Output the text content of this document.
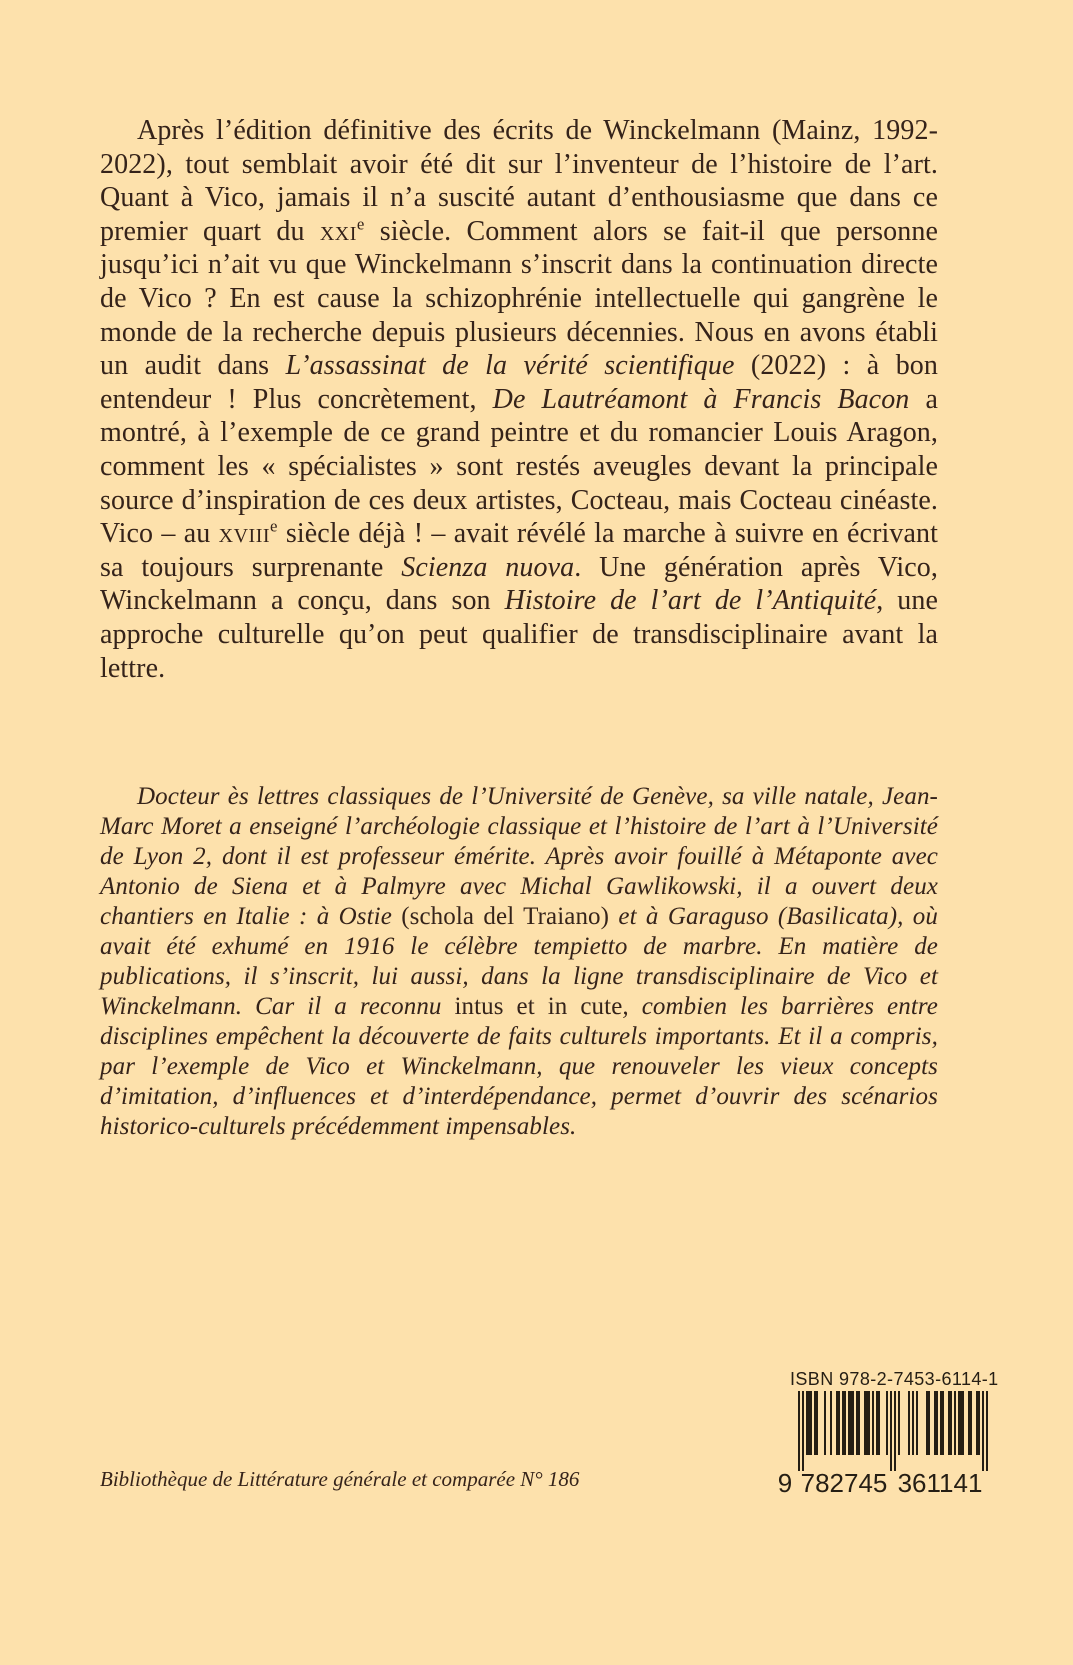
Après l’édition définitive des écrits de Winckelmann (Mainz, 1992-2022), tout semblait avoir été dit sur l’inventeur de l’histoire de l’art. Quant à Vico, jamais il n’a suscité autant d’enthousiasme que dans ce premier quart du xxi$^e$ siècle. Comment alors se fait-il que personne jusqu’ici n’ait vu que Winckelmann s’inscrit dans la continuation directe de Vico ? En est cause la schizophrénie intellectuelle qui gangrène le monde de la recherche depuis plusieurs décennies. Nous en avons établi un audit dans L’assassinat de la vérité scientifique (2022) : à bon entendeur ! Plus concrètement, De Lautréamont à Francis Bacon a montré, à l’exemple de ce grand peintre et du romancier Louis Aragon, comment les « spécialistes » sont restés aveugles devant la principale source d’inspiration de ces deux artistes, Cocteau, mais Cocteau cinéaste. Vico – au xviii$^e$ siècle déjà ! – avait révélé la marche à suivre en écrivant sa toujours surprenante Scienza nuova. Une génération après Vico, Winckelmann a conçu, dans son Histoire de l’art de l’Antiquité, une approche culturelle qu’on peut qualifier de transdisciplinaire avant la lettre.

Docteur ès lettres classiques de l’Université de Genève, sa ville natale, Jean-Marc Moret a enseigné l’archéologie classique et l’histoire de l’art à l’Université de Lyon 2, dont il est professeur émérite. Après avoir fouillé à Métaponte avec Antonio de Siena et à Palmyre avec Michal Gawlikowski, il a ouvert deux chantiers en Italie : à Ostie (schola del Traiano) et à Garaguso (Basilicata), où avait été exhumé en 1916 le célèbre tempietto de marbre. En matière de publications, il s’inscrit, lui aussi, dans la ligne transdisciplinaire de Vico et Winckelmann. Car il a reconnu intus et in cute, combien les barrières entre disciplines empêchent la découverte de faits culturels importants. Et il a compris, par l’exemple de Vico et Winckelmann, que renouveler les vieux concepts d’imitation, d’influences et d’interdépendance, permet d’ouvrir des scénarios historico-culturels précédemment impensables.

Bibliothèque de Littérature générale et comparée N° 186
ISBN 978-2-7453-6114-1
9 782745 361141
